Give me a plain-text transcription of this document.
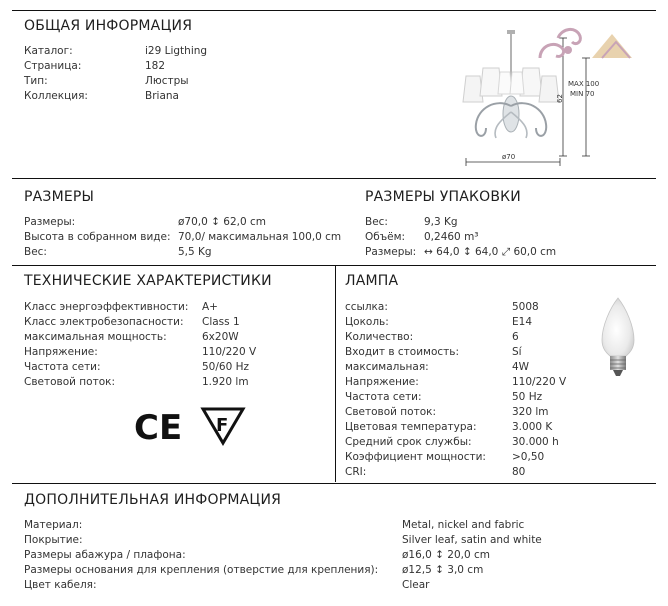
ОБЩАЯ ИНФОРМАЦИЯ
Каталог:	i29 Ligthing
Страница:	182
Тип:	Люстры
Коллекция:	Briana	62
MAX 100
MIN 70
ø70
РАЗМЕРЫ
Размеры:	ø70,0 ↕ 62,0 cm
Высота в собранном виде: 70,0/ максимальная 100,0 cm
Вес:	5,5 Kg
РАЗМЕРЫ УПАКОВКИ
Вес:	9,3 Kg
Объём: 0,2460 m³
Размеры: ↔ 64,0 ↕ 64,0 ⤢ 60,0 cm
ТЕХНИЧЕСКИЕ ХАРАКТЕРИСТИКИ
Класс энергоэффективности: A+
Класс электробезопасности: Class 1
максимальная мощность:	6x20W
Напряжение:	110/220 V
Частота сети:	50/60 Hz
Световой поток:	1.920 lm
CE F
ЛАМПА
ссылка:	5008
Цоколь:	E14
Количество:	6
Входит в стоимость:	Sí
максимальная:	4W
Напряжение:	110/220 V
Частота сети:	50 Hz
Световой поток:	320 lm
Цветовая температура:	3.000 K
Средний срок службы:	30.000 h
Коэффициент мощности: >0,50
CRI:	80
ДОПОЛНИТЕЛЬНАЯ ИНФОРМАЦИЯ
Материал:	Metal, nickel and fabric
Покрытие:	Silver leaf, satin and white
Размеры абажура / плафона:	ø16,0 ↕ 20,0 cm
Размеры основания для крепления (отверстие для крепления): ø12,5 ↕ 3,0 cm
Цвет кабеля:	Clear
